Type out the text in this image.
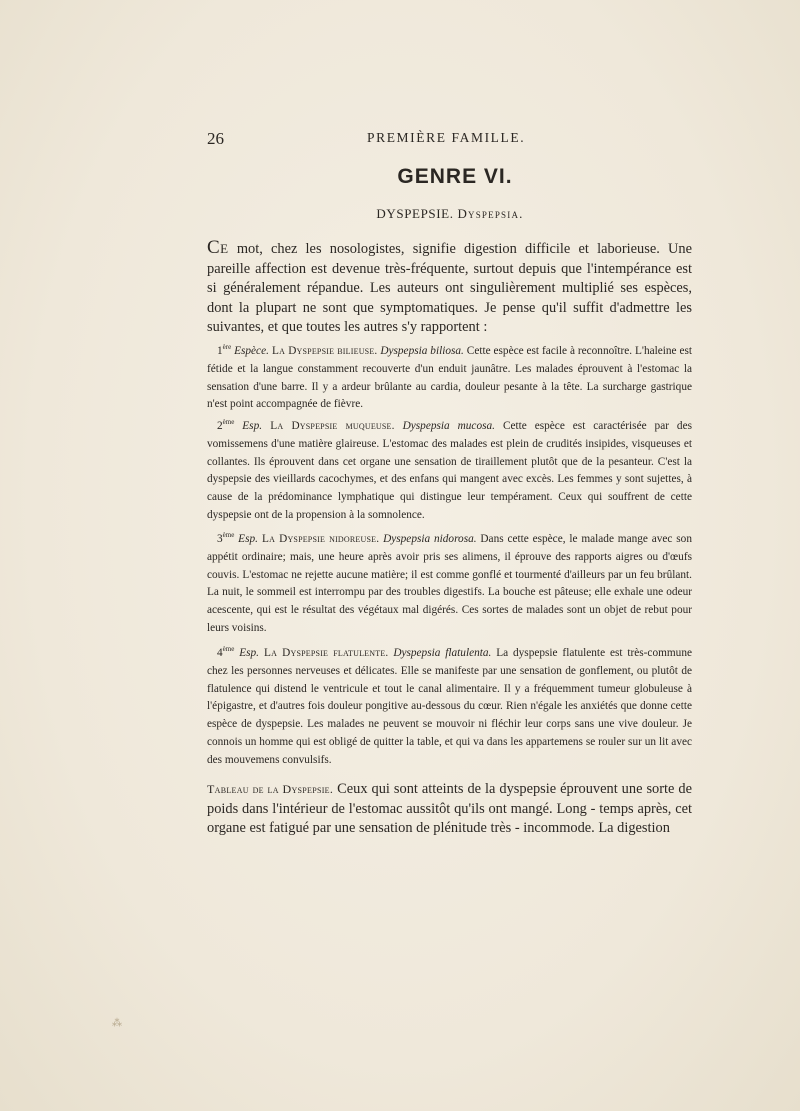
26	PREMIÈRE FAMILLE.
GENRE VI.
DYSPEPSIE. Dyspepsia.

Ce mot, chez les nosologistes, signifie digestion difficile et laborieuse. Une pareille affection est devenue très-fréquente, surtout depuis que l'intempérance est si généralement répandue. Les auteurs ont singulièrement multiplié ses espèces, dont la plupart ne sont que symptomatiques. Je pense qu'il suffit d'admettre les suivantes, et que toutes les autres s'y rapportent :

1ère Espèce. La Dyspepsie bilieuse. Dyspepsia biliosa. Cette espèce est facile à reconnoître. L'haleine est fétide et la langue constamment recouverte d'un enduit jaunâtre. Les malades éprouvent à l'estomac la sensation d'une barre. Il y a ardeur brûlante au cardia, douleur pesante à la tête. La surcharge gastrique n'est point accompagnée de fièvre.

2ème Esp. La Dyspepsie muqueuse. Dyspepsia mucosa. Cette espèce est caractérisée par des vomissemens d'une matière glaireuse. L'estomac des malades est plein de crudités insipides, visqueuses et collantes. Ils éprouvent dans cet organe une sensation de tiraillement plutôt que de la pesanteur. C'est la dyspepsie des vieillards cacochymes, et des enfans qui mangent avec excès. Les femmes y sont sujettes, à cause de la prédominance lymphatique qui distingue leur tempérament. Ceux qui souffrent de cette dyspepsie ont de la propension à la somnolence.

3ème Esp. La Dyspepsie nidoreuse. Dyspepsia nidorosa. Dans cette espèce, le malade mange avec son appétit ordinaire; mais, une heure après avoir pris ses alimens, il éprouve des rapports aigres ou d'œufs couvis. L'estomac ne rejette aucune matière; il est comme gonflé et tourmenté d'ailleurs par un feu brûlant. La nuit, le sommeil est interrompu par des troubles digestifs. La bouche est pâteuse; elle exhale une odeur acescente, qui est le résultat des végétaux mal digérés. Ces sortes de malades sont un objet de rebut pour leurs voisins.

4ème Esp. La Dyspepsie flatulente. Dyspepsia flatulenta. La dyspepsie flatulente est très-commune chez les personnes nerveuses et délicates. Elle se manifeste par une sensation de gonflement, ou plutôt de flatulence qui distend le ventricule et tout le canal alimentaire. Il y a fréquemment tumeur globuleuse à l'épigastre, et d'autres fois douleur pongitive au-dessous du cœur. Rien n'égale les anxiétés que donne cette espèce de dyspepsie. Les malades ne peuvent se mouvoir ni fléchir leur corps sans une vive douleur. Je connois un homme qui est obligé de quitter la table, et qui va dans les appartemens se rouler sur un lit avec des mouvemens convulsifs.

Tableau de la Dyspepsie. Ceux qui sont atteints de la dyspepsie éprouvent une sorte de poids dans l'intérieur de l'estomac aussitôt qu'ils ont mangé. Long - temps après, cet organe est fatigué par une sensation de plénitude très - incommode. La digestion

⁂
